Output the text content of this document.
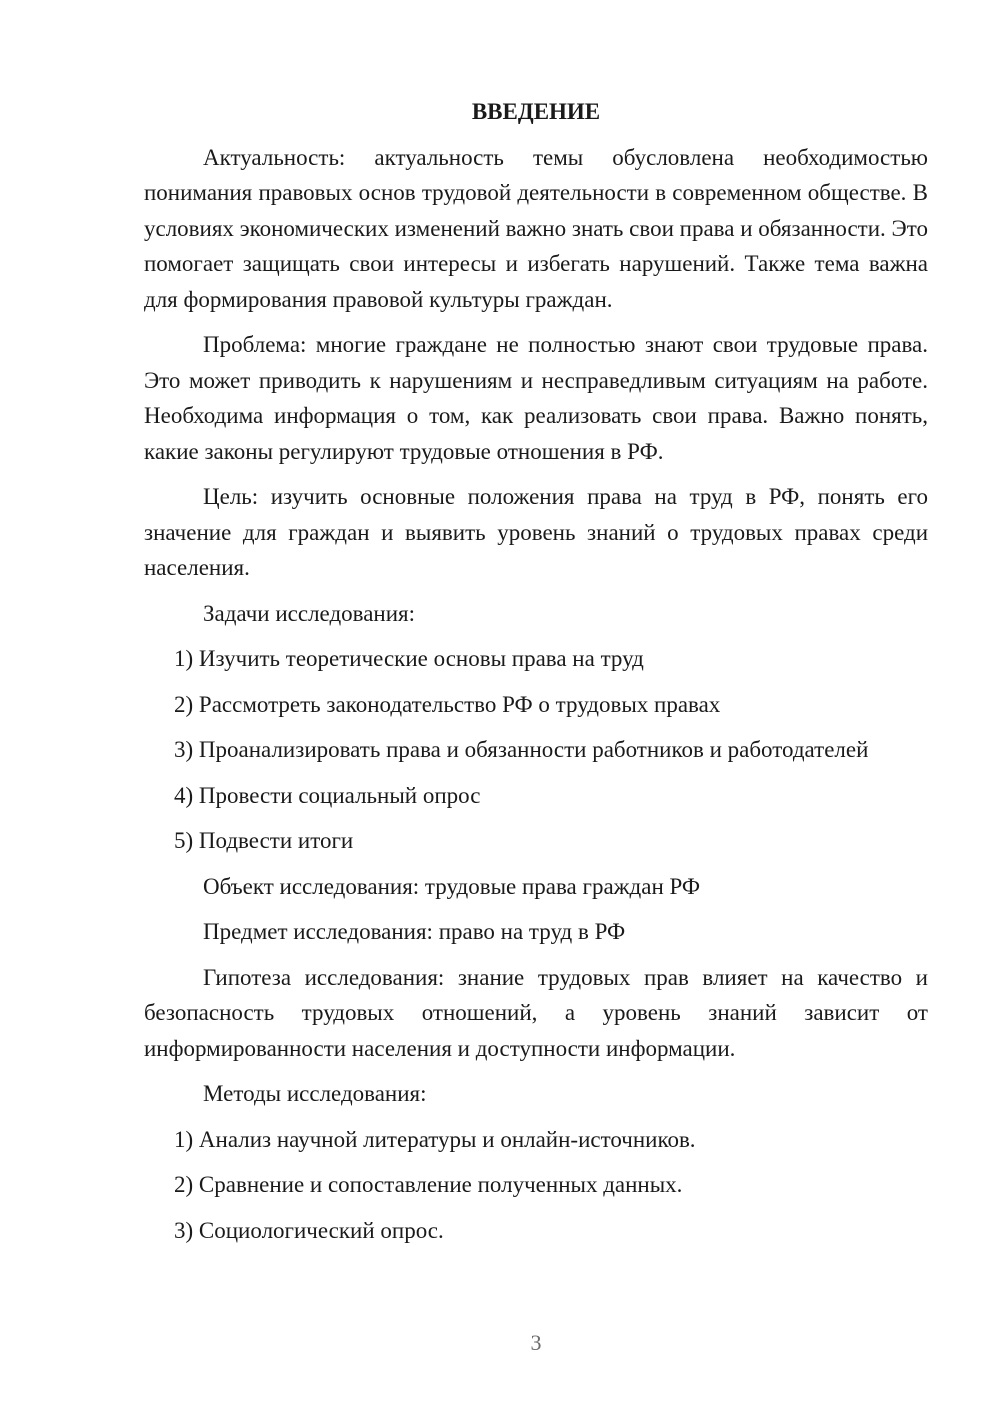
ВВЕДЕНИЕ
Актуальность: актуальность темы обусловлена необходимостью понимания правовых основ трудовой деятельности в современном обществе. В условиях экономических изменений важно знать свои права и обязанности. Это помогает защищать свои интересы и избегать нарушений. Также тема важна для формирования правовой культуры граждан.
Проблема: многие граждане не полностью знают свои трудовые права. Это может приводить к нарушениям и несправедливым ситуациям на работе. Необходима информация о том, как реализовать свои права. Важно понять, какие законы регулируют трудовые отношения в РФ.
Цель: изучить основные положения права на труд в РФ, понять его значение для граждан и выявить уровень знаний о трудовых правах среди населения.
Задачи исследования:
1) Изучить теоретические основы права на труд
2) Рассмотреть законодательство РФ о трудовых правах
3) Проанализировать права и обязанности работников и работодателей
4) Провести социальный опрос
5) Подвести итоги
Объект исследования: трудовые права граждан РФ
Предмет исследования: право на труд в РФ
Гипотеза исследования: знание трудовых прав влияет на качество и безопасность трудовых отношений, а уровень знаний зависит от информированности населения и доступности информации.
Методы исследования:
1) Анализ научной литературы и онлайн-источников.
2) Сравнение и сопоставление полученных данных.
3) Социологический опрос.
3
